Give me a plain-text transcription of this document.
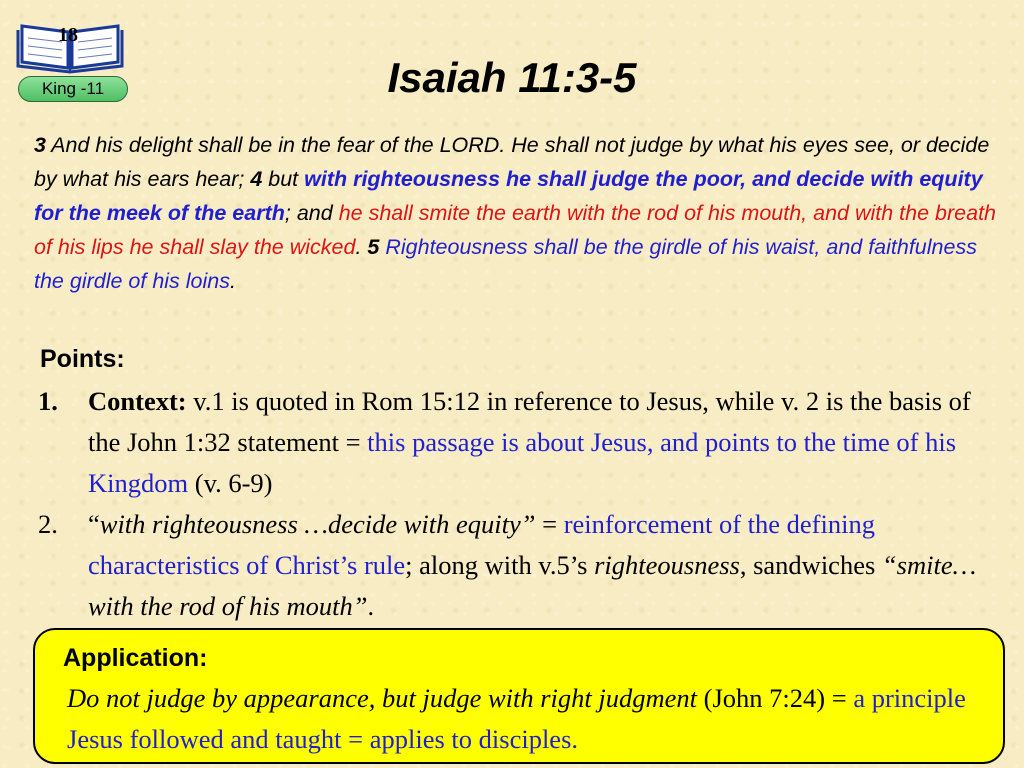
18
King -11	Isaiah 11:3-5
3 And his delight shall be in the fear of the LORD. He shall not judge by what his eyes see, or decide by what his ears hear; 4 but with righteousness he shall judge the poor, and decide with equity for the meek of the earth; and he shall smite the earth with the rod of his mouth, and with the breath of his lips he shall slay the wicked. 5 Righteousness shall be the girdle of his waist, and faithfulness the girdle of his loins.
Points:
1.	Context: v.1 is quoted in Rom 15:12 in reference to Jesus, while v. 2 is the basis of the John 1:32 statement = this passage is about Jesus, and points to the time of his Kingdom (v. 6-9)
2.	“with righteousness …decide with equity” = reinforcement of the defining characteristics of Christ’s rule; along with v.5’s righteousness, sandwiches “smite…with the rod of his mouth”.
Application:
Do not judge by appearance, but judge with right judgment (John 7:24) = a principle Jesus followed and taught = applies to disciples.
